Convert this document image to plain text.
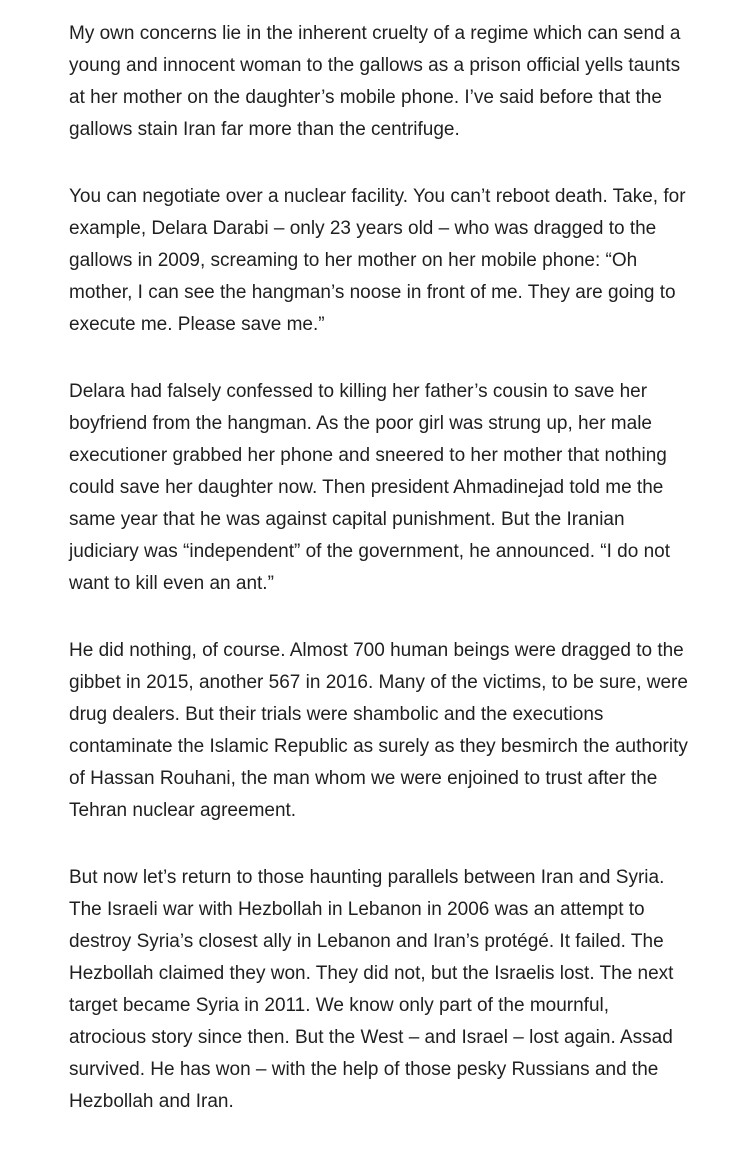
My own concerns lie in the inherent cruelty of a regime which can send a young and innocent woman to the gallows as a prison official yells taunts at her mother on the daughter’s mobile phone. I’ve said before that the gallows stain Iran far more than the centrifuge.

You can negotiate over a nuclear facility. You can’t reboot death. Take, for example, Delara Darabi – only 23 years old – who was dragged to the gallows in 2009, screaming to her mother on her mobile phone: “Oh mother, I can see the hangman’s noose in front of me. They are going to execute me. Please save me.”

Delara had falsely confessed to killing her father’s cousin to save her boyfriend from the hangman. As the poor girl was strung up, her male executioner grabbed her phone and sneered to her mother that nothing could save her daughter now. Then president Ahmadinejad told me the same year that he was against capital punishment. But the Iranian judiciary was “independent” of the government, he announced. “I do not want to kill even an ant.”

He did nothing, of course. Almost 700 human beings were dragged to the gibbet in 2015, another 567 in 2016. Many of the victims, to be sure, were drug dealers. But their trials were shambolic and the executions contaminate the Islamic Republic as surely as they besmirch the authority of Hassan Rouhani, the man whom we were enjoined to trust after the Tehran nuclear agreement.

But now let’s return to those haunting parallels between Iran and Syria. The Israeli war with Hezbollah in Lebanon in 2006 was an attempt to destroy Syria’s closest ally in Lebanon and Iran’s protégé. It failed. The Hezbollah claimed they won. They did not, but the Israelis lost. The next target became Syria in 2011. We know only part of the mournful, atrocious story since then. But the West – and Israel – lost again. Assad survived. He has won – with the help of those pesky Russians and the Hezbollah and Iran.
